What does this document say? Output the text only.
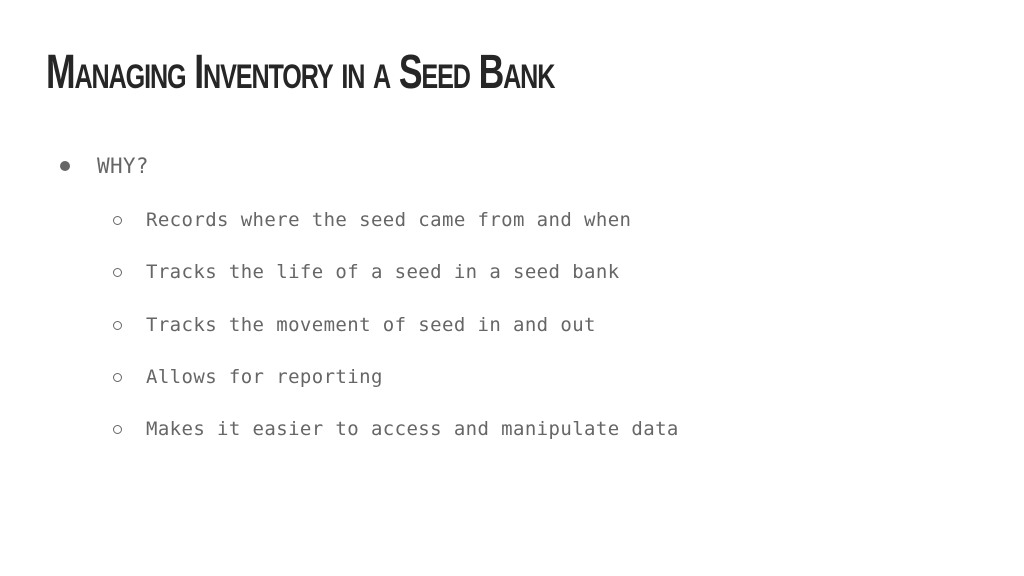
Managing Inventory in a Seed Bank
WHY?
Records where the seed came from and when
Tracks the life of a seed in a seed bank
Tracks the movement of seed in and out
Allows for reporting
Makes it easier to access and manipulate data
